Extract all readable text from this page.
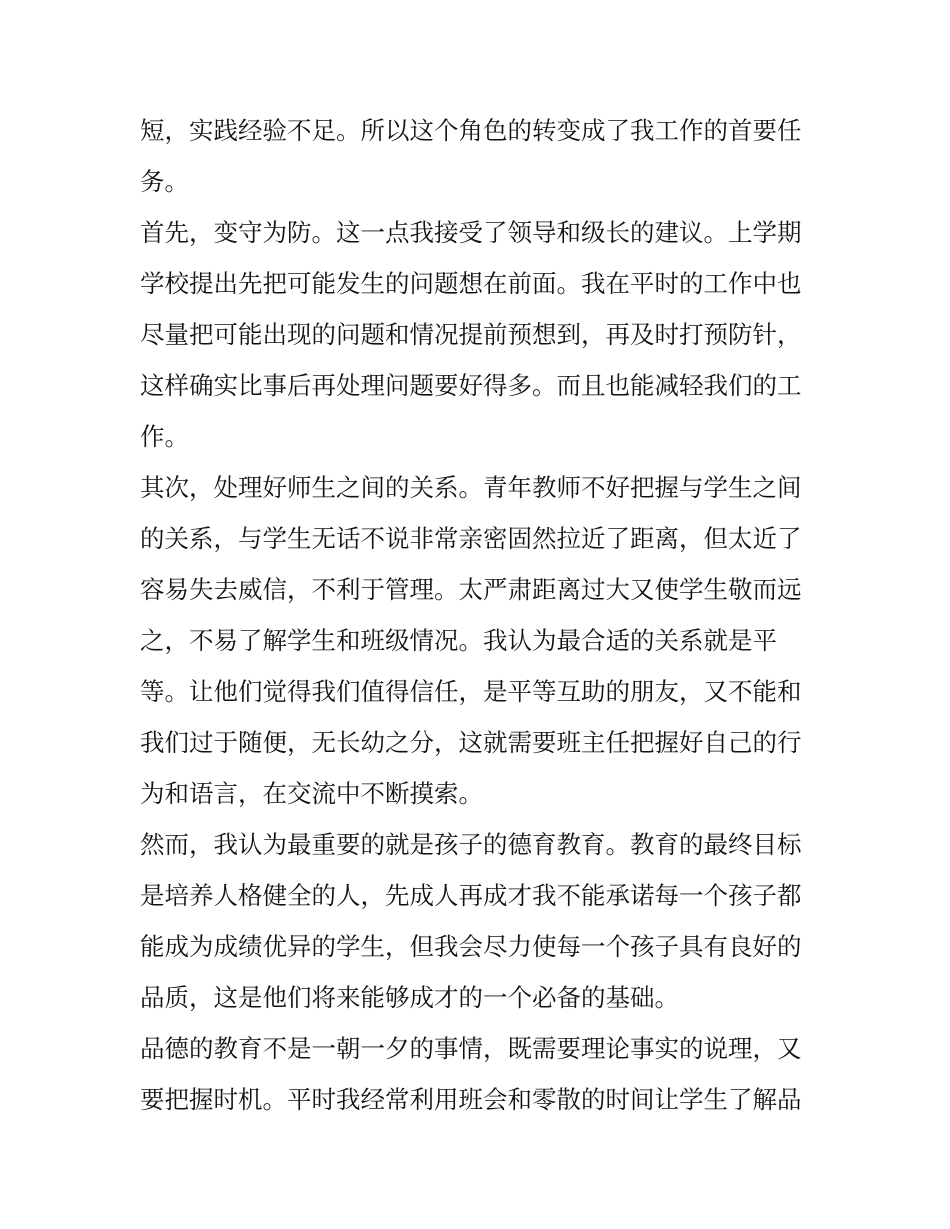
短，实践经验不足。所以这个角色的转变成了我工作的首要任
务。
首先，变守为防。这一点我接受了领导和级长的建议。上学期
学校提出先把可能发生的问题想在前面。我在平时的工作中也
尽量把可能出现的问题和情况提前预想到，再及时打预防针，
这样确实比事后再处理问题要好得多。而且也能减轻我们的工
作。
其次，处理好师生之间的关系。青年教师不好把握与学生之间
的关系，与学生无话不说非常亲密固然拉近了距离，但太近了
容易失去威信，不利于管理。太严肃距离过大又使学生敬而远
之，不易了解学生和班级情况。我认为最合适的关系就是平
等。让他们觉得我们值得信任，是平等互助的朋友，又不能和
我们过于随便，无长幼之分，这就需要班主任把握好自己的行
为和语言，在交流中不断摸索。
然而，我认为最重要的就是孩子的德育教育。教育的最终目标
是培养人格健全的人，先成人再成才我不能承诺每一个孩子都
能成为成绩优异的学生，但我会尽力使每一个孩子具有良好的
品质，这是他们将来能够成才的一个必备的基础。
品德的教育不是一朝一夕的事情，既需要理论事实的说理，又
要把握时机。平时我经常利用班会和零散的时间让学生了解品
